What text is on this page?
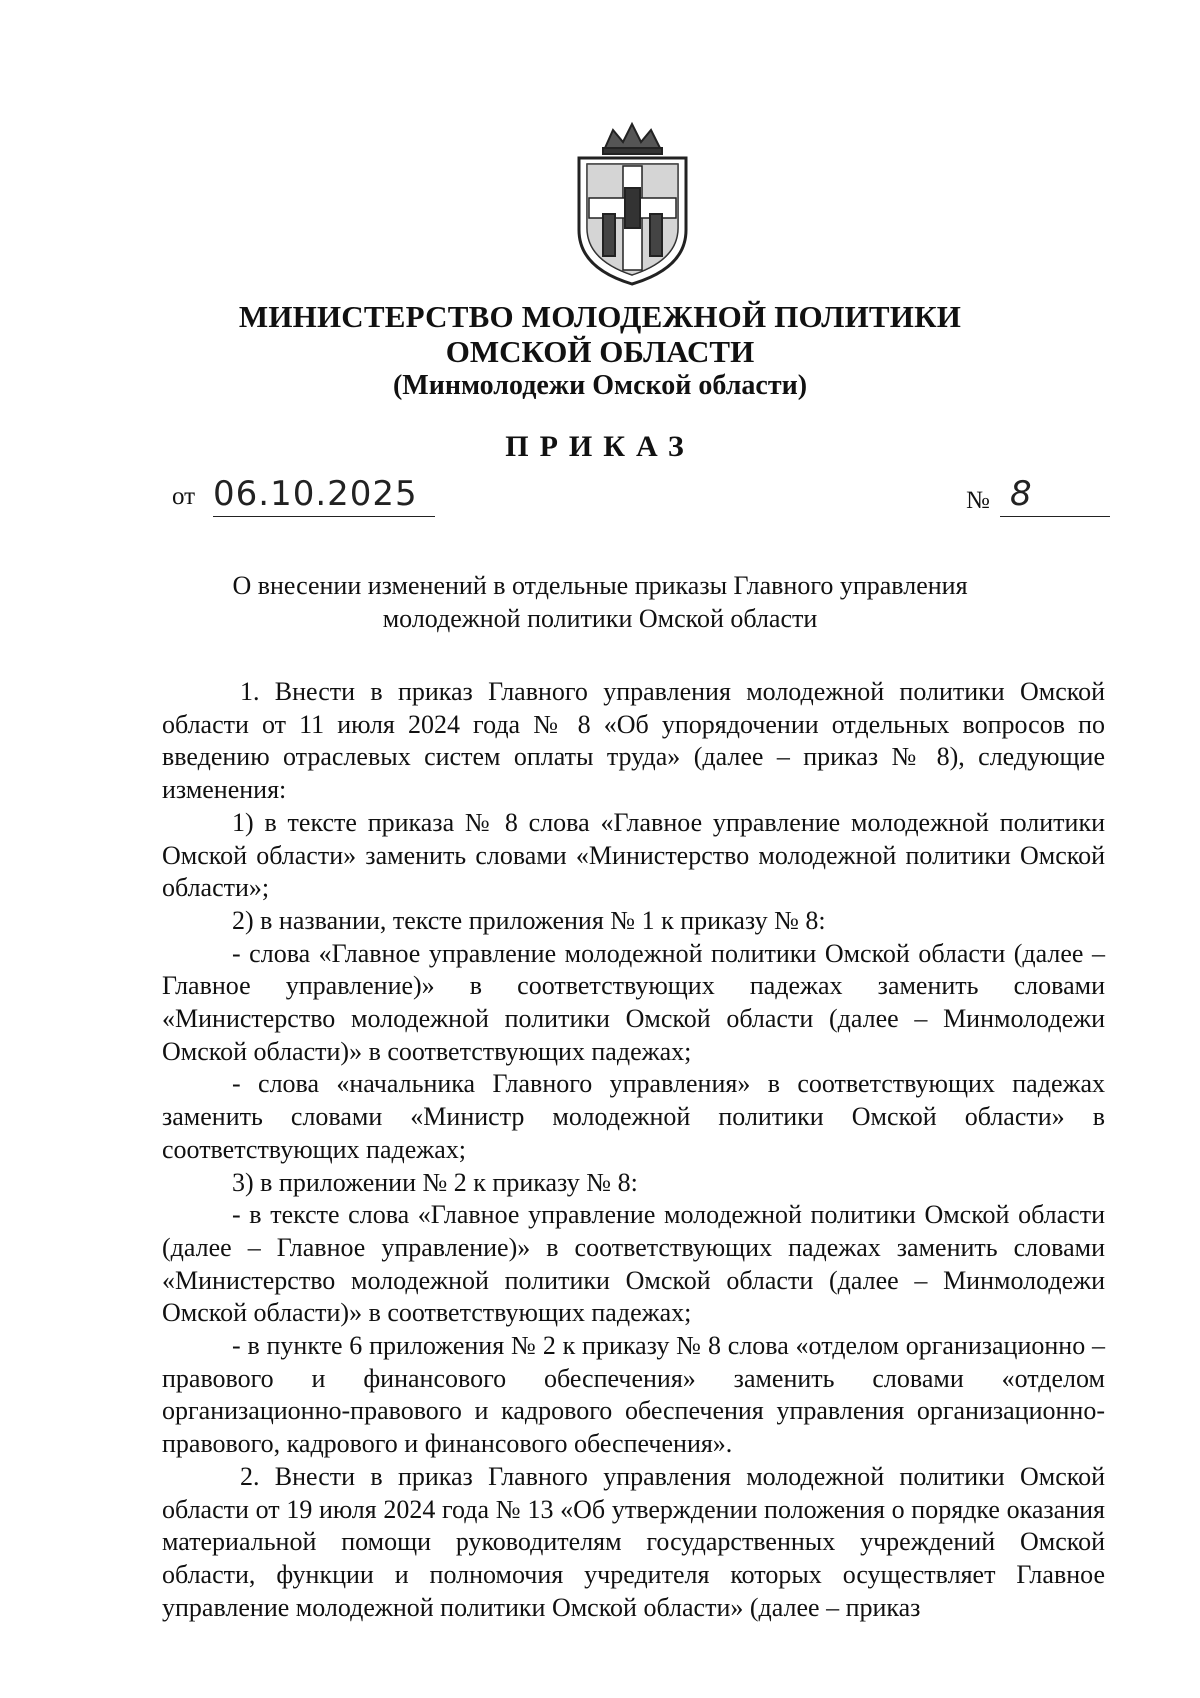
МИНИСТЕРСТВО МОЛОДЕЖНОЙ ПОЛИТИКИ
ОМСКОЙ ОБЛАСТИ
(Минмолодежи Омской области)
ПРИКАЗ
от 06.10.2025	№ 8
О внесении изменений в отдельные приказы Главного управления
молодежной политики Омской области

1. Внести в приказ Главного управления молодежной политики Омской области от 11 июля 2024 года № 8 «Об упорядочении отдельных вопросов по введению отраслевых систем оплаты труда» (далее – приказ № 8), следующие изменения:

1) в тексте приказа № 8 слова «Главное управление молодежной политики Омской области» заменить словами «Министерство молодежной политики Омской области»;

2) в названии, тексте приложения № 1 к приказу № 8:

- слова «Главное управление молодежной политики Омской области (далее – Главное управление)» в соответствующих падежах заменить словами «Министерство молодежной политики Омской области (далее – Минмолодежи Омской области)» в соответствующих падежах;

- слова «начальника Главного управления» в соответствующих падежах заменить словами «Министр молодежной политики Омской области» в соответствующих падежах;

3) в приложении № 2 к приказу № 8:

- в тексте слова «Главное управление молодежной политики Омской области (далее – Главное управление)» в соответствующих падежах заменить словами «Министерство молодежной политики Омской области (далее – Минмолодежи Омской области)» в соответствующих падежах;

- в пункте 6 приложения № 2 к приказу № 8 слова «отделом организационно – правового и финансового обеспечения» заменить словами «отделом организационно-правового и кадрового обеспечения управления организационно-правового, кадрового и финансового обеспечения».

2. Внести в приказ Главного управления молодежной политики Омской области от 19 июля 2024 года № 13 «Об утверждении положения о порядке оказания материальной помощи руководителям государственных учреждений Омской области, функции и полномочия учредителя которых осуществляет Главное управление молодежной политики Омской области» (далее – приказ
